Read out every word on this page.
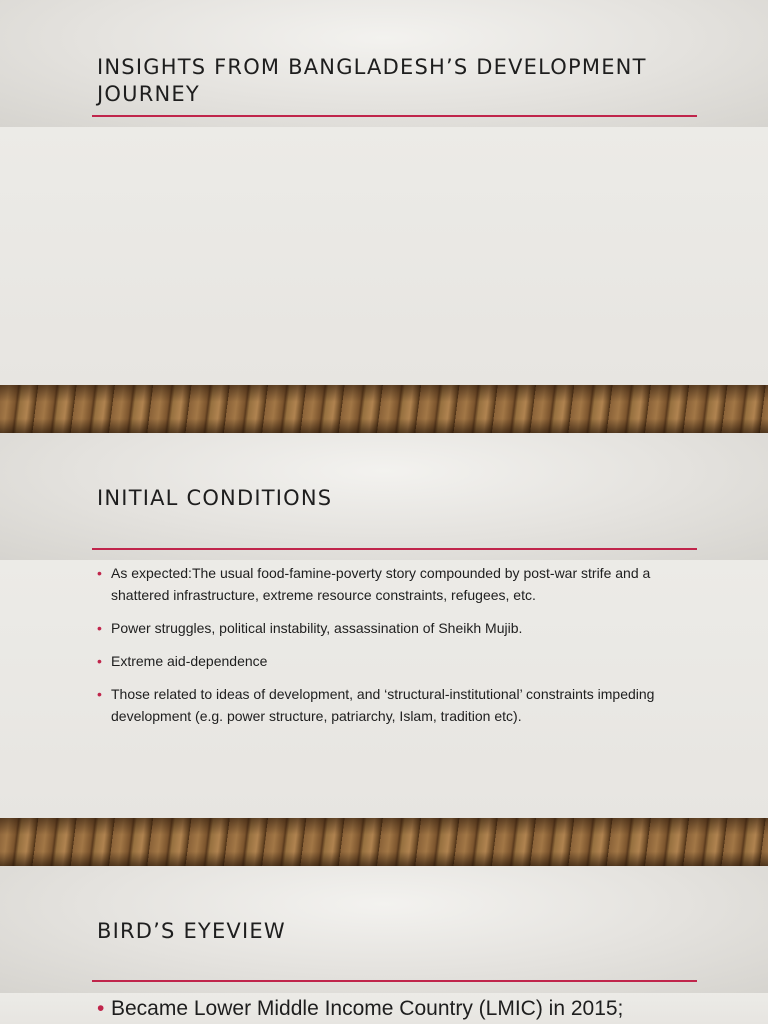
INSIGHTS FROM BANGLADESH’S DEVELOPMENT
JOURNEY
INITIAL CONDITIONS
• As expected:The usual food-famine-poverty story compounded by post-war strife and a
shattered infrastructure, extreme resource constraints, refugees, etc.
• Power struggles, political instability, assassination of Sheikh Mujib.
• Extreme aid-dependence
• Those related to ideas of development, and ‘structural-institutional’ constraints impeding
development (e.g. power structure, patriarchy, Islam, tradition etc).
BIRD’S EYEVIEW
• Became Lower Middle Income Country (LMIC) in 2015;
